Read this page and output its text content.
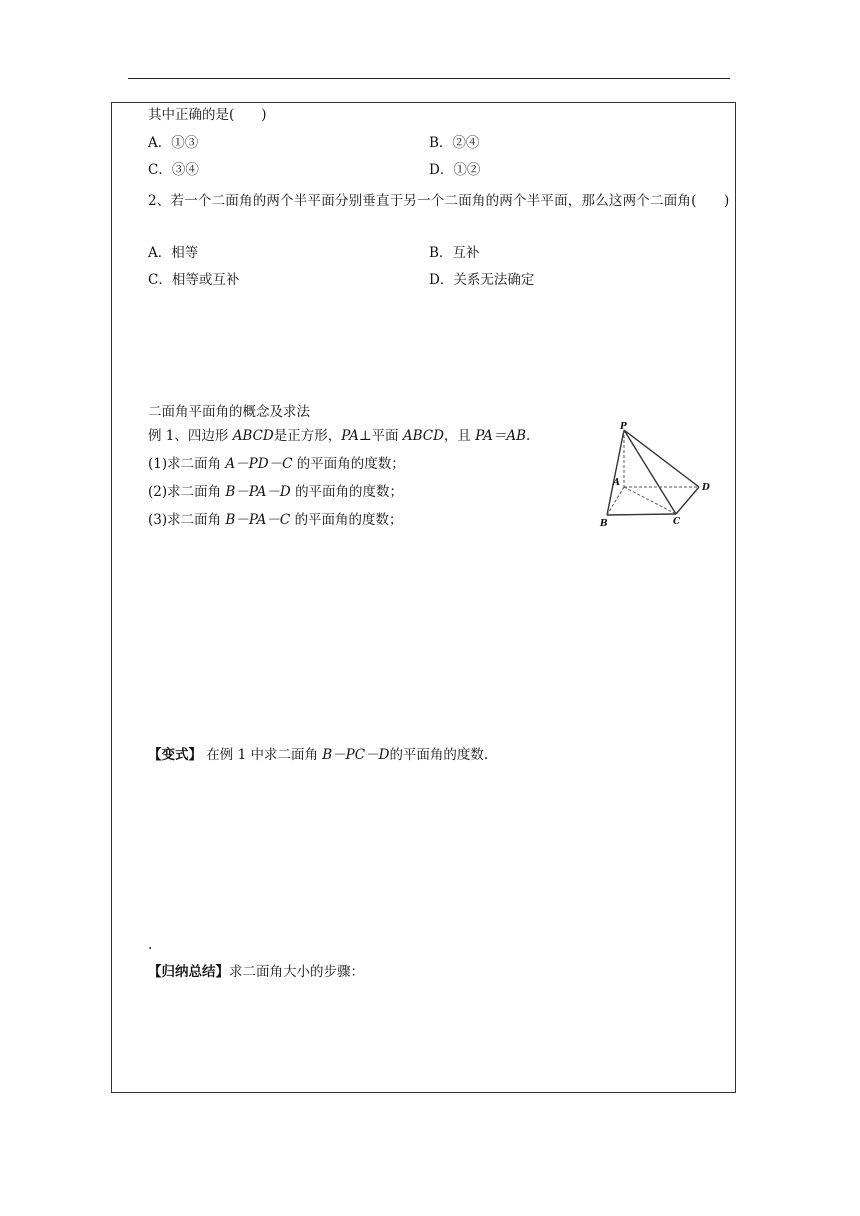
其中正确的是(　　)
A．①③	B．②④
C．③④	D．①②
2、若一个二面角的两个半平面分别垂直于另一个二面角的两个半平面，那么这两个二面角(　　)
A．相等	B．互补
C．相等或互补	D．关系无法确定
二面角平面角的概念及求法
例 1、四边形 ABCD是正方形，PA⊥平面 ABCD，且 PA＝AB.
(1)求二面角 A－PD－C 的平面角的度数；
(2)求二面角 B－PA－D 的平面角的度数；
(3)求二面角 B－PA－C 的平面角的度数；
P
A
B	C
D
【变式】 在例 1 中求二面角 B－PC－D的平面角的度数.
.
【归纳总结】求二面角大小的步骤：
